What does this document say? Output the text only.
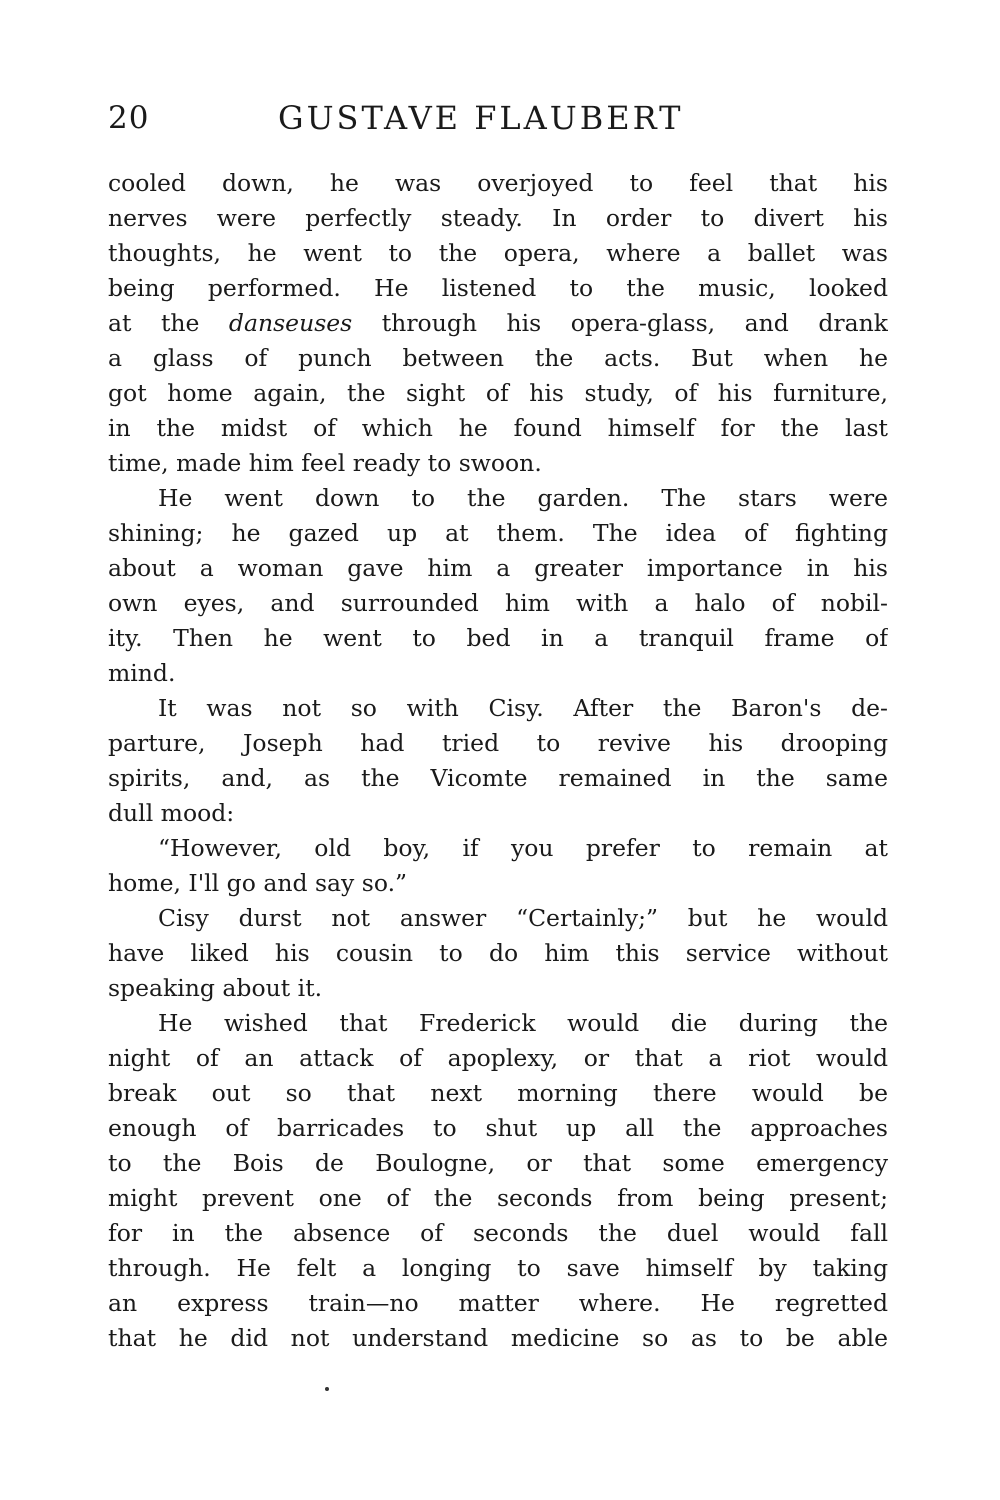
20	GUSTAVE FLAUBERT
cooled down, he was overjoyed to feel that his
nerves were perfectly steady. In order to divert his
thoughts, he went to the opera, where a ballet was
being performed. He listened to the music, looked
at the danseuses through his opera-glass, and drank
a glass of punch between the acts. But when he
got home again, the sight of his study, of his furniture,
in the midst of which he found himself for the last
time, made him feel ready to swoon.
He went down to the garden. The stars were
shining; he gazed up at them. The idea of fighting
about a woman gave him a greater importance in his
own eyes, and surrounded him with a halo of nobil-
ity. Then he went to bed in a tranquil frame of
mind.
It was not so with Cisy. After the Baron's de-
parture, Joseph had tried to revive his drooping
spirits, and, as the Vicomte remained in the same
dull mood:
“However, old boy, if you prefer to remain at
home, I'll go and say so.”
Cisy durst not answer “Certainly;” but he would
have liked his cousin to do him this service without
speaking about it.
He wished that Frederick would die during the
night of an attack of apoplexy, or that a riot would
break out so that next morning there would be
enough of barricades to shut up all the approaches
to the Bois de Boulogne, or that some emergency
might prevent one of the seconds from being present;
for in the absence of seconds the duel would fall
through. He felt a longing to save himself by taking
an express train—no matter where. He regretted
that he did not understand medicine so as to be able
